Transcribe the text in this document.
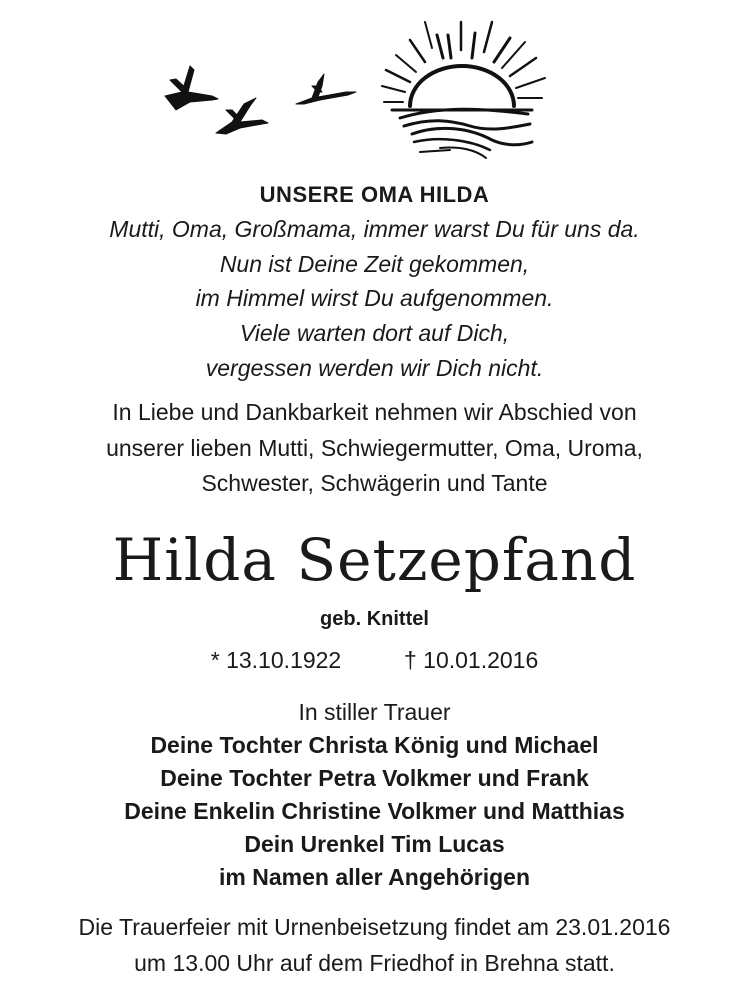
UNSERE OMA HILDA
Mutti, Oma, Großmama, immer warst Du für uns da.
Nun ist Deine Zeit gekommen,
im Himmel wirst Du aufgenommen.
Viele warten dort auf Dich,
vergessen werden wir Dich nicht.
In Liebe und Dankbarkeit nehmen wir Abschied von
unserer lieben Mutti, Schwiegermutter, Oma, Uroma,
Schwester, Schwägerin und Tante
Hilda Setzepfand
geb. Knittel
* 13.10.1922	† 10.01.2016
In stiller Trauer
Deine Tochter Christa König und Michael
Deine Tochter Petra Volkmer und Frank
Deine Enkelin Christine Volkmer und Matthias
Dein Urenkel Tim Lucas
im Namen aller Angehörigen
Die Trauerfeier mit Urnenbeisetzung findet am 23.01.2016
um 13.00 Uhr auf dem Friedhof in Brehna statt.
